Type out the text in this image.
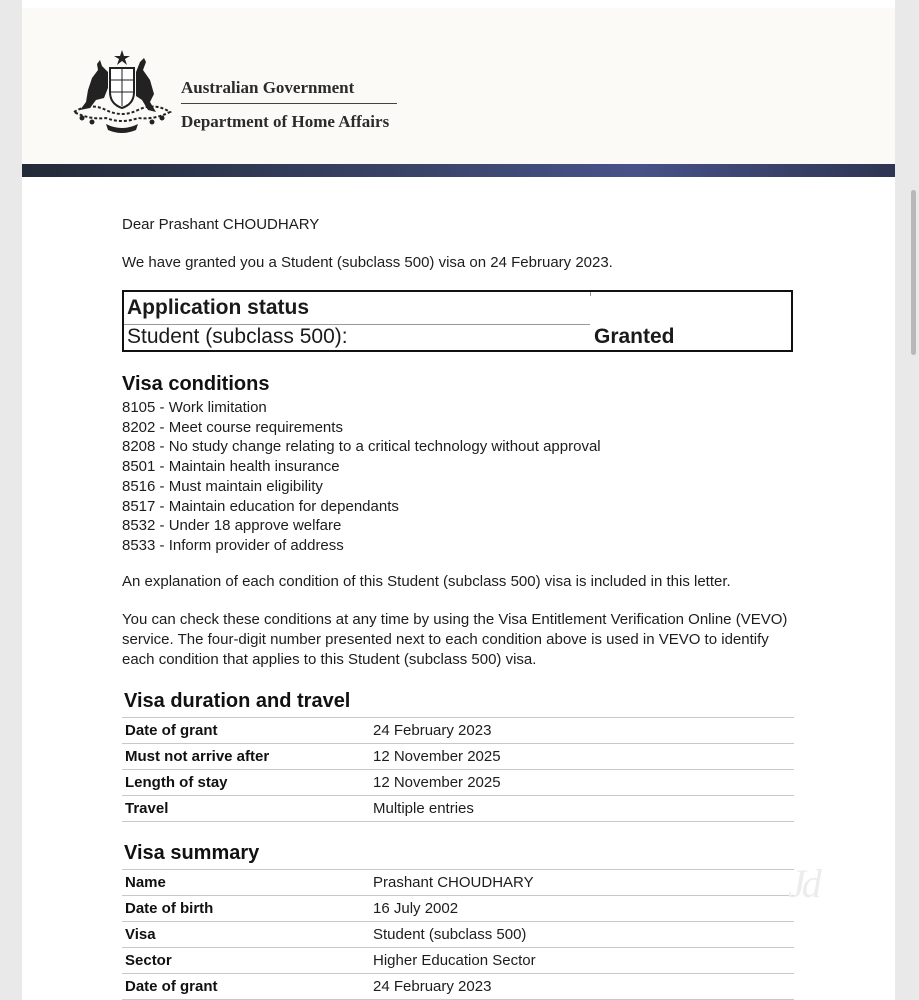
Australian Government
Department of Home Affairs
Dear Prashant CHOUDHARY
We have granted you a Student (subclass 500) visa on 24 February 2023.
Application status
Student (subclass 500):	Granted
Visa conditions
8105 - Work limitation
8202 - Meet course requirements
8208 - No study change relating to a critical technology without approval
8501 - Maintain health insurance
8516 - Must maintain eligibility
8517 - Maintain education for dependants
8532 - Under 18 approve welfare
8533 - Inform provider of address
An explanation of each condition of this Student (subclass 500) visa is included in this letter.
You can check these conditions at any time by using the Visa Entitlement Verification Online (VEVO) service. The four-digit number presented next to each condition above is used in VEVO to identify each condition that applies to this Student (subclass 500) visa.
Visa duration and travel
Date of grant	24 February 2023
Must not arrive after	12 November 2025
Length of stay	12 November 2025
Travel	Multiple entries
Visa summary
Name	Prashant CHOUDHARY
Date of birth	16 July 2002
Visa	Student (subclass 500)
Sector	Higher Education Sector
Date of grant	24 February 2023
Jd
